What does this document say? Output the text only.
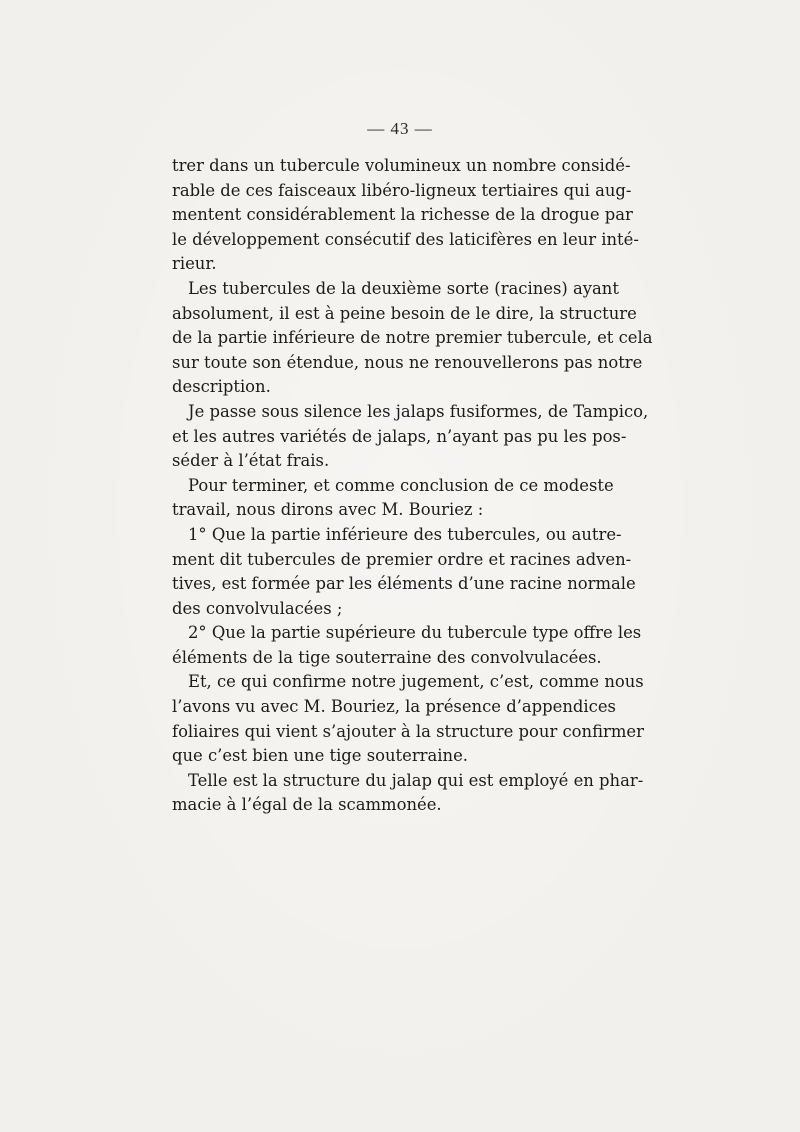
— 43 —
trer dans un tubercule volumineux un nombre considé-
rable de ces faisceaux libéro-ligneux tertiaires qui aug-
mentent considérablement la richesse de la drogue par
le développement consécutif des laticifères en leur inté-
rieur.
Les tubercules de la deuxième sorte (racines) ayant
absolument, il est à peine besoin de le dire, la structure
de la partie inférieure de notre premier tubercule, et cela
sur toute son étendue, nous ne renouvellerons pas notre
description.
Je passe sous silence les jalaps fusiformes, de Tampico,
et les autres variétés de jalaps, n’ayant pas pu les pos-
séder à l’état frais.
Pour terminer, et comme conclusion de ce modeste
travail, nous dirons avec M. Bouriez :
1° Que la partie inférieure des tubercules, ou autre-
ment dit tubercules de premier ordre et racines adven-
tives, est formée par les éléments d’une racine normale
des convolvulacées ;
2° Que la partie supérieure du tubercule type offre les
éléments de la tige souterraine des convolvulacées.
Et, ce qui confirme notre jugement, c’est, comme nous
l’avons vu avec M. Bouriez, la présence d’appendices
foliaires qui vient s’ajouter à la structure pour confirmer
que c’est bien une tige souterraine.
Telle est la structure du jalap qui est employé en phar-
macie à l’égal de la scammonée.
